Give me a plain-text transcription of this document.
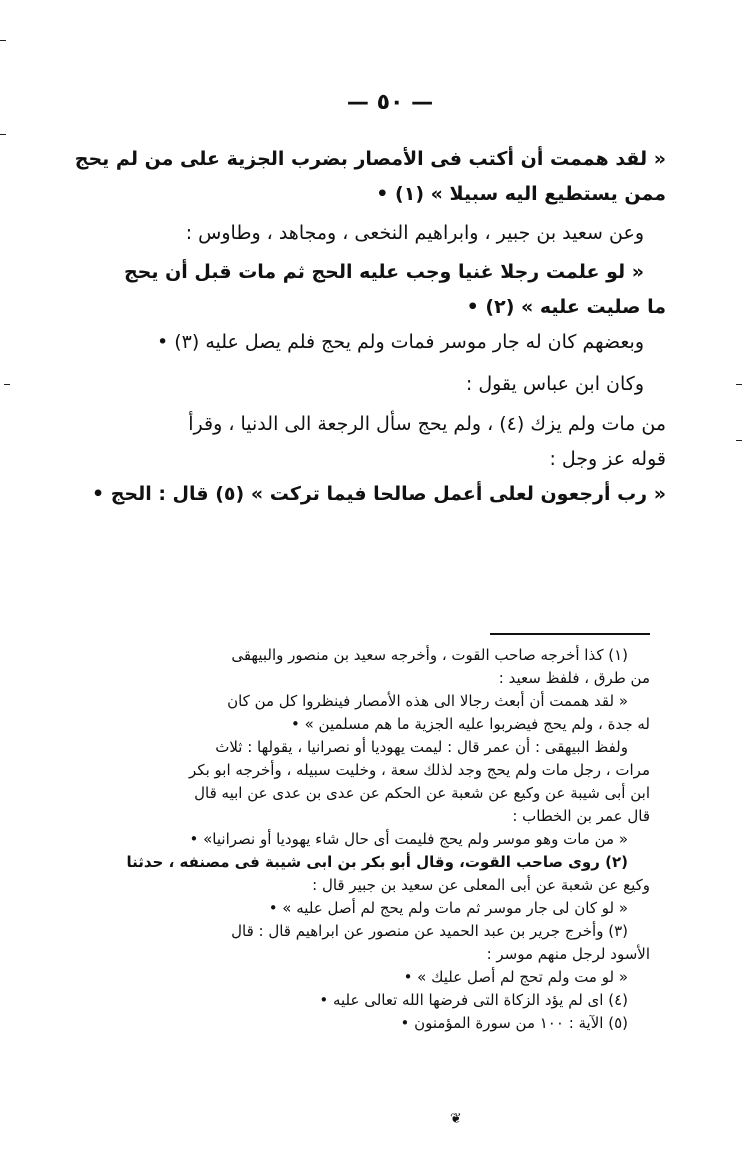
— ٥٠ —
« لقد هممت أن أكتب فى الأمصار بضرب الجزية على من لم يحج
ممن يستطيع اليه سبيلا » (١) •
وعن سعيد بن جبير ، وابراهيم النخعى ، ومجاهد ، وطاوس :
« لو علمت رجلا غنيا وجب عليه الحج ثم مات قبل أن يحج
ما صليت عليه » (٢) •
وبعضهم كان له جار موسر فمات ولم يحج فلم يصل عليه (٣) •
وكان ابن عباس يقول :
من مات ولم يزك (٤) ، ولم يحج سأل الرجعة الى الدنيا ، وقرأ
قوله عز وجل :
« رب أرجعون لعلى أعمل صالحا فيما تركت » (٥) قال : الحج •
(١) كذا أخرجه صاحب القوت ، وأخرجه سعيد بن منصور والبيهقى
من طرق ، فلفظ سعيد :
« لقد هممت أن أبعث رجالا الى هذه الأمصار فينظروا كل من كان
له جدة ، ولم يحج فيضربوا عليه الجزية ما هم مسلمين » •
ولفظ البيهقى : أن عمر قال : ليمت يهوديا أو نصرانيا ، يقولها : ثلاث
مرات ، رجل مات ولم يحج وجد لذلك سعة ، وخليت سبيله ، وأخرجه ابو بكر
ابن أبى شيبة عن وكيع عن شعبة عن الحكم عن عدى بن عدى عن ابيه قال
قال عمر بن الخطاب :
« من مات وهو موسر ولم يحج فليمت أى حال شاء يهوديا أو نصرانيا» •
(٢) روى صاحب القوت، وقال أبو بكر بن ابى شيبة فى مصنفه ، حدثنا
وكيع عن شعبة عن أبى المعلى عن سعيد بن جبير قال :
« لو كان لى جار موسر ثم مات ولم يحج لم أصل عليه » •
(٣) وأخرج جرير بن عبد الحميد عن منصور عن ابراهيم قال : قال
الأسود لرجل منهم موسر :
« لو مت ولم تحج لم أصل عليك » •
(٤) اى لم يؤد الزكاة التى فرضها الله تعالى عليه •
(٥) الآية : ١٠٠ من سورة المؤمنون •
❦
